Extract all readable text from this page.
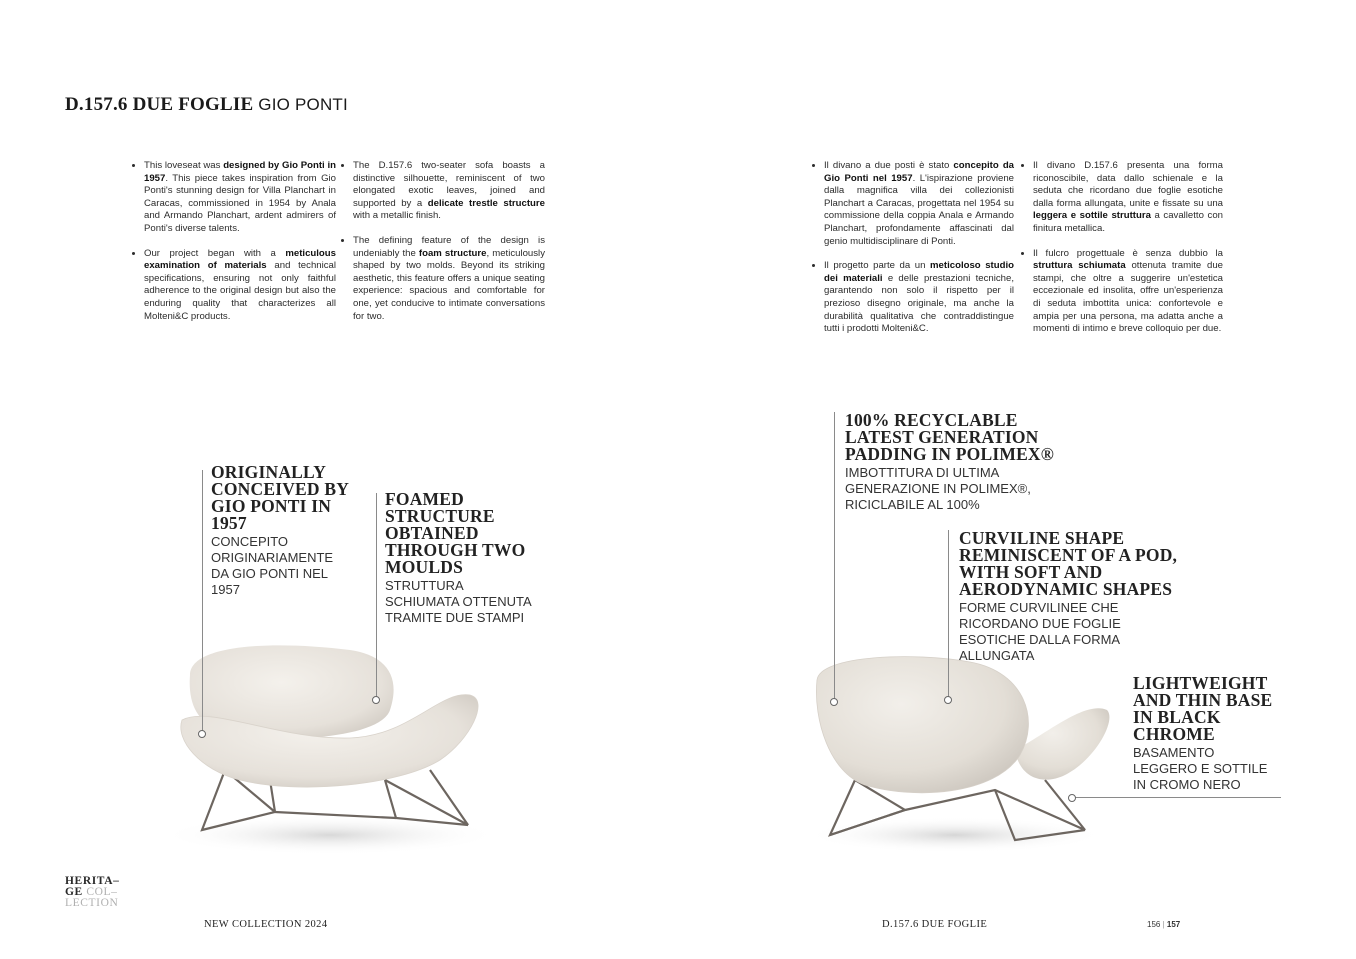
D.157.6 DUE FOGLIE GIO PONTI
• This loveseat was designed by Gio Ponti in 1957. This piece takes inspiration from Gio Ponti's stunning design for Villa Planchart in Caracas, commissioned in 1954 by Anala and Armando Planchart, ardent admirers of Ponti's diverse talents.
• Our project began with a meticulous examination of materials and technical specifications, ensuring not only faithful adherence to the original design but also the enduring quality that characterizes all Molteni&C products.
• The D.157.6 two-seater sofa boasts a distinctive silhouette, reminiscent of two elongated exotic leaves, joined and supported by a delicate trestle structure with a metallic finish.
• The defining feature of the design is undeniably the foam structure, meticulously shaped by two molds. Beyond its striking aesthetic, this feature offers a unique seating experience: spacious and comfortable for one, yet conducive to intimate conversations for two.
ORIGINALLY CONCEIVED BY GIO PONTI IN 1957
CONCEPITO ORIGINARIAMENTE DA GIO PONTI NEL 1957
FOAMED STRUCTURE OBTAINED THROUGH TWO MOULDS
STRUTTURA SCHIUMATA OTTENUTA TRAMITE DUE STAMPI
HERITA–
GE COL–
LECTION
NEW COLLECTION 2024
• Il divano a due posti è stato concepito da Gio Ponti nel 1957. L'ispirazione proviene dalla magnifica villa dei collezionisti Planchart a Caracas, progettata nel 1954 su commissione della coppia Anala e Armando Planchart, profondamente affascinati dal genio multidisciplinare di Ponti.
• Il progetto parte da un meticoloso studio dei materiali e delle prestazioni tecniche, garantendo non solo il rispetto per il prezioso disegno originale, ma anche la durabilità qualitativa che contraddistingue tutti i prodotti Molteni&C.
• Il divano D.157.6 presenta una forma riconoscibile, data dallo schienale e la seduta che ricordano due foglie esotiche dalla forma allungata, unite e fissate su una leggera e sottile struttura a cavalletto con finitura metallica.
• Il fulcro progettuale è senza dubbio la struttura schiumata ottenuta tramite due stampi, che oltre a suggerire un'estetica eccezionale ed insolita, offre un'esperienza di seduta imbottita unica: confortevole e ampia per una persona, ma adatta anche a momenti di intimo e breve colloquio per due.
100% RECYCLABLE LATEST GENERATION PADDING IN POLIMEX®
IMBOTTITURA DI ULTIMA GENERAZIONE IN POLIMEX®, RICICLABILE AL 100%
CURVILINE SHAPE REMINISCENT OF A POD, WITH SOFT AND AERODYNAMIC SHAPES
FORME CURVILINEE CHE RICORDANO DUE FOGLIE ESOTICHE DALLA FORMA ALLUNGATA
LIGHTWEIGHT AND THIN BASE IN BLACK CHROME
BASAMENTO LEGGERO E SOTTILE IN CROMO NERO
D.157.6 DUE FOGLIE	156 | 157
